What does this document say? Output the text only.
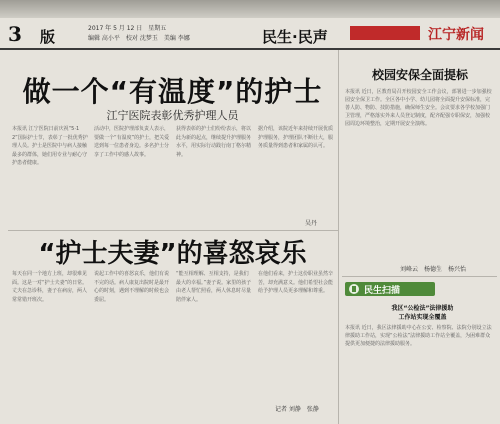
3 版	2017 年 5 月 12 日　星期五
编辑 高小平　校对 沈梦玉　美编 李娜	民生·民声	江宁新闻
做一个“有温度”的护士
江宁医院表彰优秀护理人员
本报讯 江宁医院日前庆祝“5·12”国际护士节，表彰了一批优秀护理人员。护士是医院中与病人接触最多的群体，她们用专业与耐心守护患者健康。
活动中，医院护理部负责人表示，要做一个“有温度”的护士，把关爱送到每一位患者身边。多名护士分享了工作中的感人故事。
获得表彰的护士们纷纷表示，将以此为新的起点，继续提升护理服务水平，用实际行动践行南丁格尔精神。
据介绍，该院近年来持续开展优质护理服务，护理团队不断壮大，服务质量得到患者和家属的认可。
吴丹
“护士夫妻”的喜怒哀乐
每天在同一个地方上班，却很难见面。这是一对“护士夫妻”的日常。丈夫在急诊科，妻子在病房，两人常常错开班次。
说起工作中的喜怒哀乐，他们有说不完的话。病人康复出院时是最开心的时刻，遇到不理解的时候也会委屈。
“能互相理解、互相支持，是我们最大的幸福。”妻子说。家里的孩子由老人帮忙照看，两人休息时尽量陪伴家人。
在他们看来，护士这份职业虽然辛苦，却充满意义。他们希望社会能给予护理人员更多理解和尊重。
记者 刘静　张静
校园安保全面提标
本报讯 近日，区教育局召开校园安全工作会议，部署进一步加强校园安全保卫工作。全区各中小学、幼儿园将全面提升安保标准，完善人防、物防、技防措施，确保师生安全。会议要求各学校加强门卫管理，严格落实外来人员登记制度，配齐配强专职保安，加强校园周边环境整治，定期开展安全演练。
刘峰云　杨德生　杨兴怡
民生扫描
我区“公检法”法律援助
工作站实现全覆盖
本报讯 近日，我区法律援助中心在公安、检察院、法院分别设立法律援助工作站，实现“公检法”法律援助工作站全覆盖，为困难群众提供更加便捷的法律援助服务。
